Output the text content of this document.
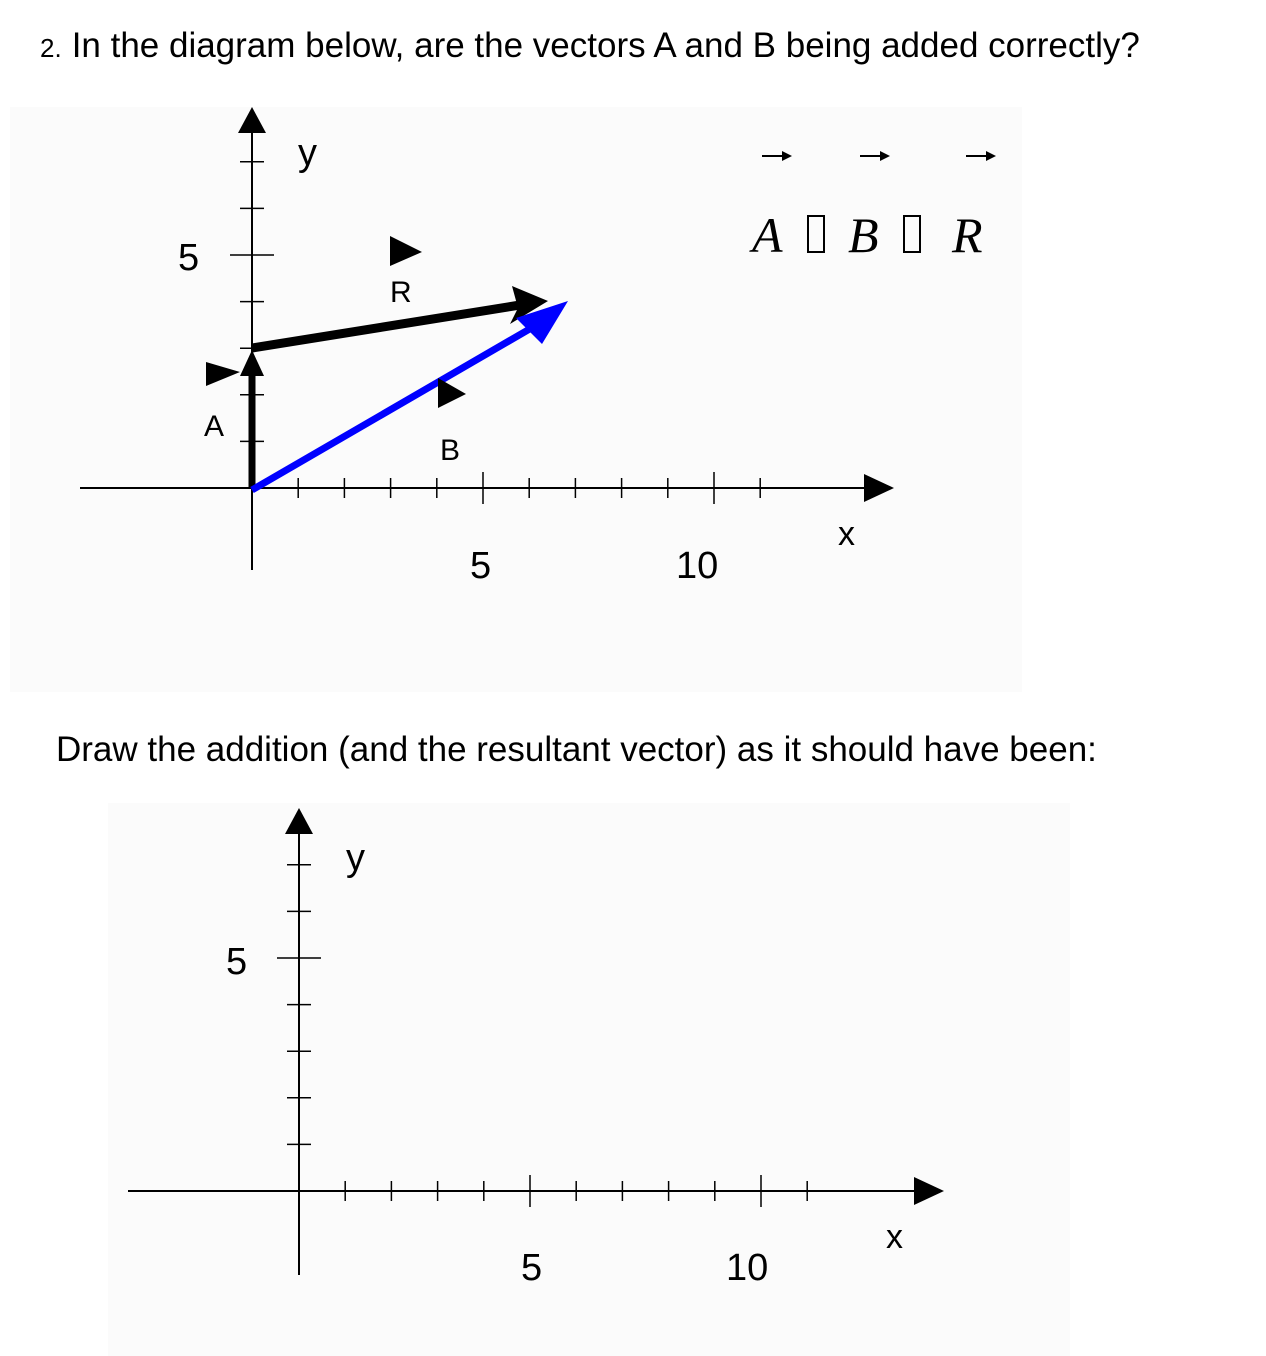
2. In the diagram below, are the vectors A and B being added correctly?
y
x
5	10
5
A
B
R
A B R
Draw the addition (and the resultant vector) as it should have been:
y
x
5	10
5
